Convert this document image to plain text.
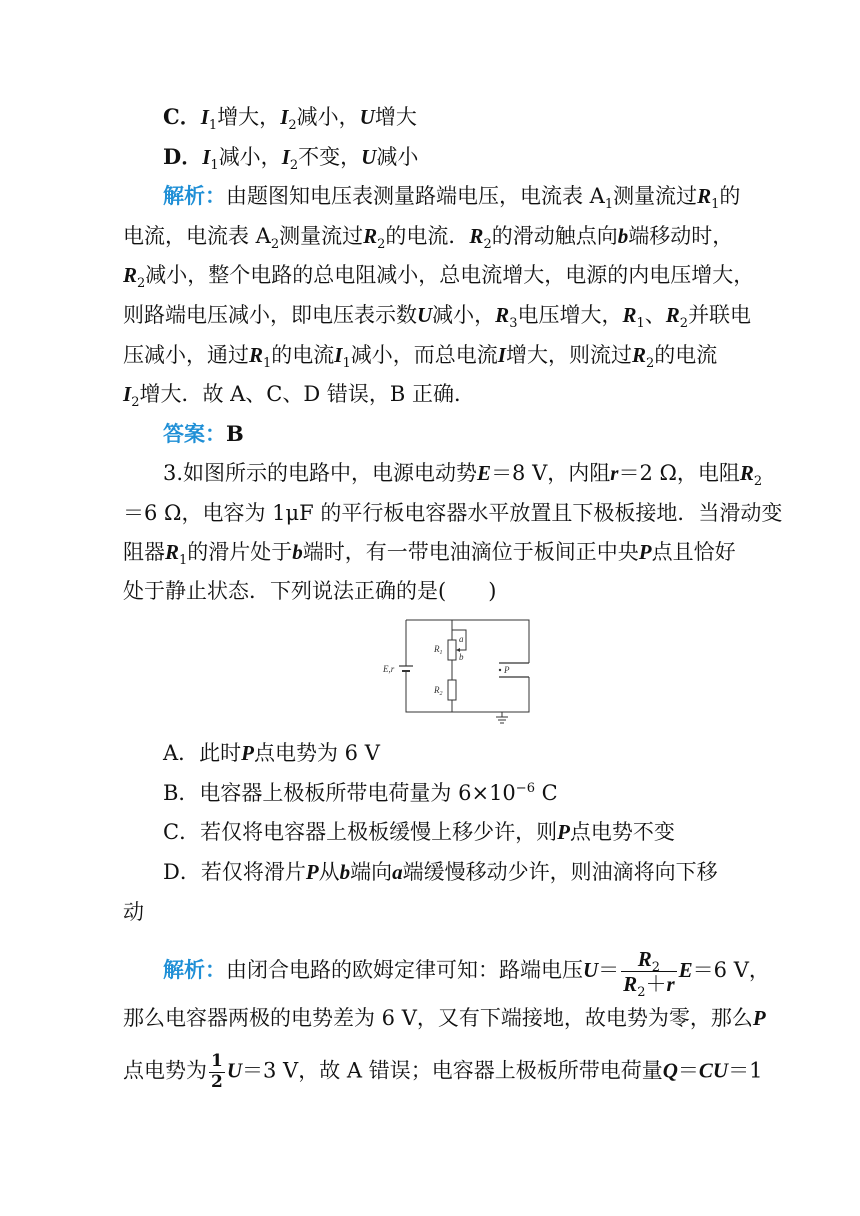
C．$I_1$增大，$I_2$减小，U增大
D．$I_1$减小，$I_2$不变，U减小
解析：由题图知电压表测量路端电压，电流表 $A_1$测量流过$R_1$的
电流，电流表 $A_2$测量流过$R_2$的电流．$R_2$的滑动触点向b端移动时，
$R_2$减小，整个电路的总电阻减小，总电流增大，电源的内电压增大，
则路端电压减小，即电压表示数U减小，$R_3$电压增大，$R_1$、$R_2$并联电
压减小，通过$R_1$的电流$I_1$减小，而总电流I增大，则流过$R_2$的电流
$I_2$增大．故 A、C、D 错误，B 正确．
答案：B
3.如图所示的电路中，电源电动势E＝8 V，内阻r＝2 Ω，电阻$R_2$
＝6 Ω，电容为 1μF 的平行板电容器水平放置且下极板接地．当滑动变
阻器$R_1$的滑片处于b端时，有一带电油滴位于板间正中央P点且恰好
处于静止状态．下列说法正确的是(　　)
E,r
a
b
$R_1$
$R_2$
P
A．此时P点电势为 6 V
B．电容器上极板所带电荷量为 $6\times 10^{-6}$ C
C．若仅将电容器上极板缓慢上移少许，则P点电势不变
D．若仅将滑片P从b端向a端缓慢移动少许，则油滴将向下移
动
解析：由闭合电路的欧姆定律可知：路端电压$U= \frac{R_2}{R_2+r} E=6$ V，
那么电容器两极的电势差为 6 V，又有下端接地，故电势为零，那么P
点电势为 $\frac{1}{2} U=3$ V，故 A 错误；电容器上极板所带电荷量Q＝CU＝1
